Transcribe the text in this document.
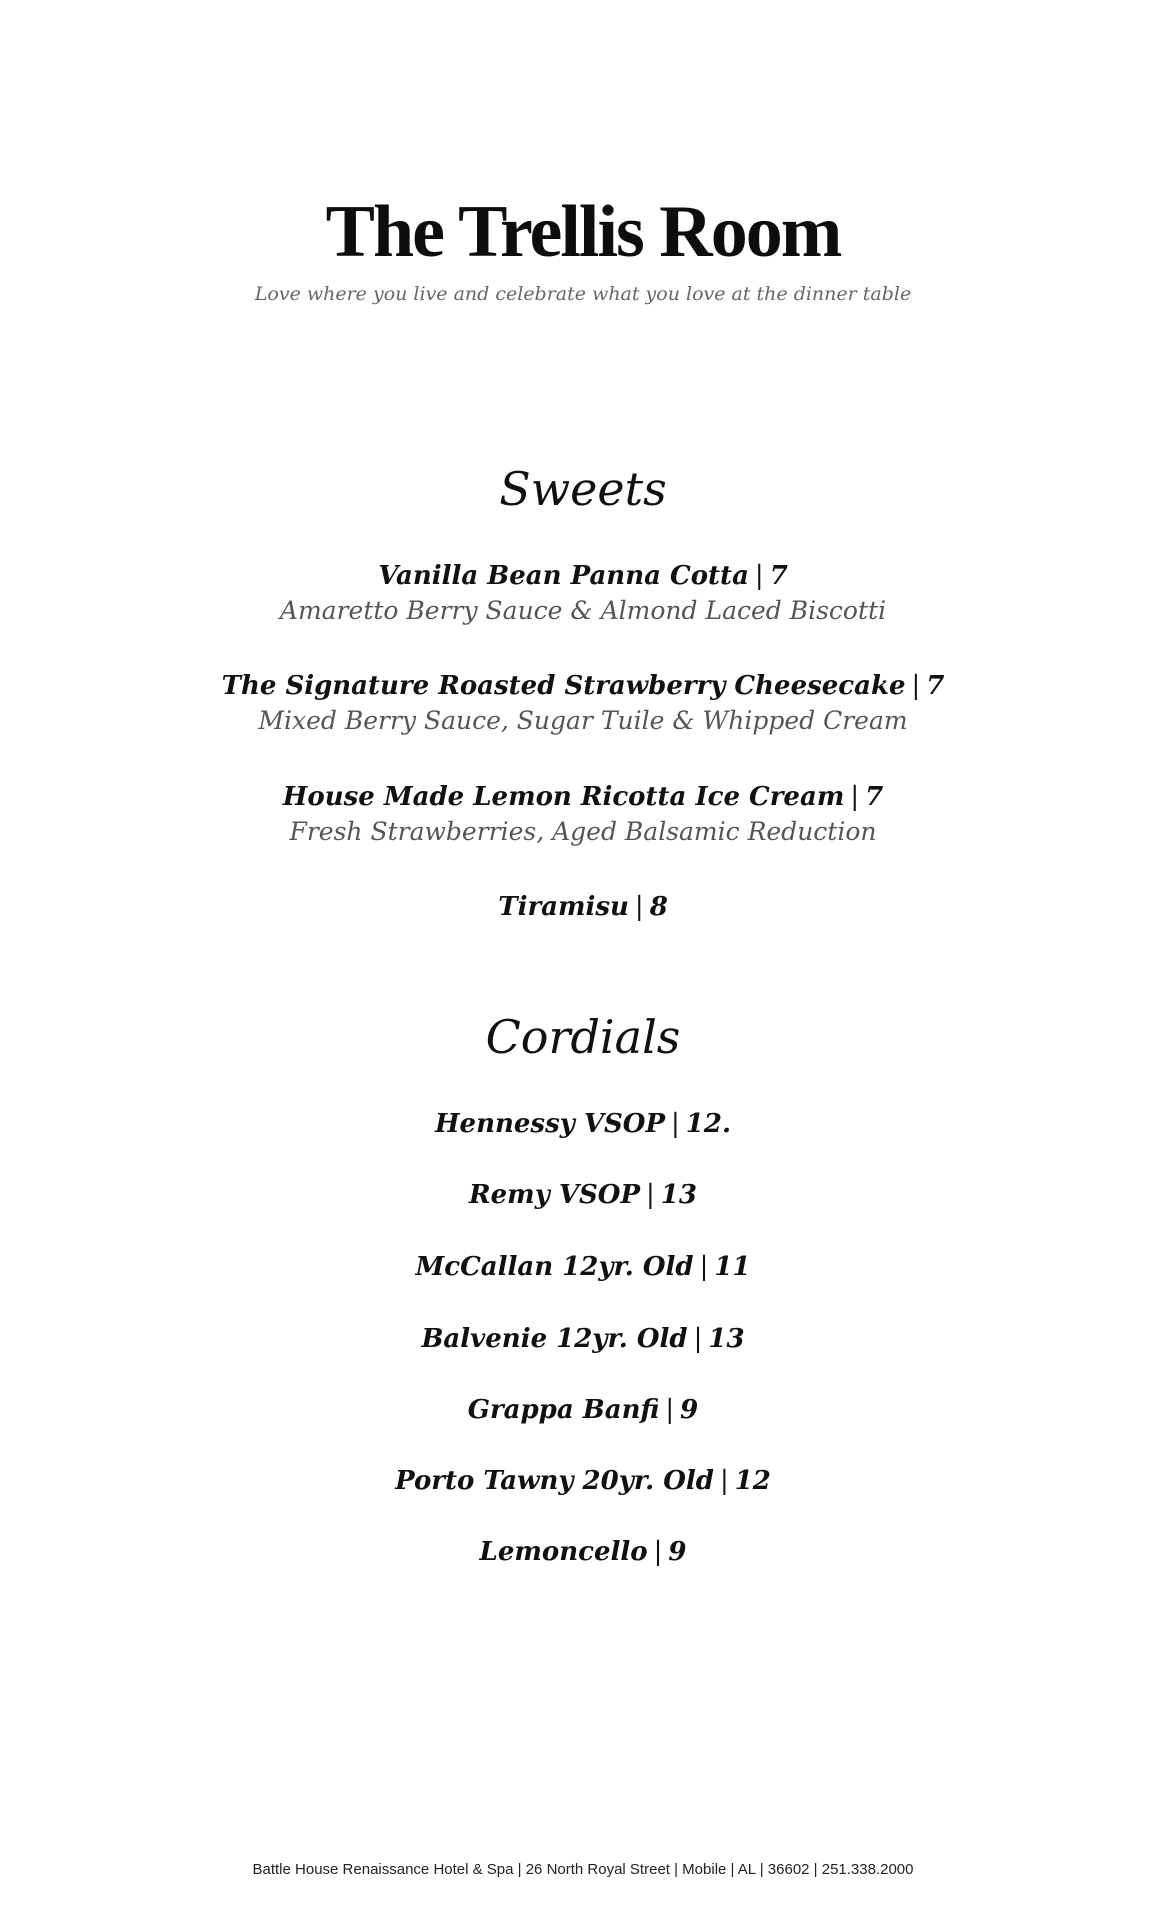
The Trellis Room
Love where you live and celebrate what you love at the dinner table
Sweets
Vanilla Bean Panna Cotta | 7
Amaretto Berry Sauce & Almond Laced Biscotti
The Signature Roasted Strawberry Cheesecake | 7
Mixed Berry Sauce, Sugar Tuile & Whipped Cream
House Made Lemon Ricotta Ice Cream | 7
Fresh Strawberries, Aged Balsamic Reduction
Tiramisu | 8
Cordials
Hennessy VSOP | 12.
Remy VSOP | 13
McCallan 12yr. Old | 11
Balvenie 12yr. Old | 13
Grappa Banfi | 9
Porto Tawny 20yr. Old | 12
Lemoncello | 9
Battle House Renaissance Hotel & Spa | 26 North Royal Street | Mobile | AL | 36602 | 251.338.2000
